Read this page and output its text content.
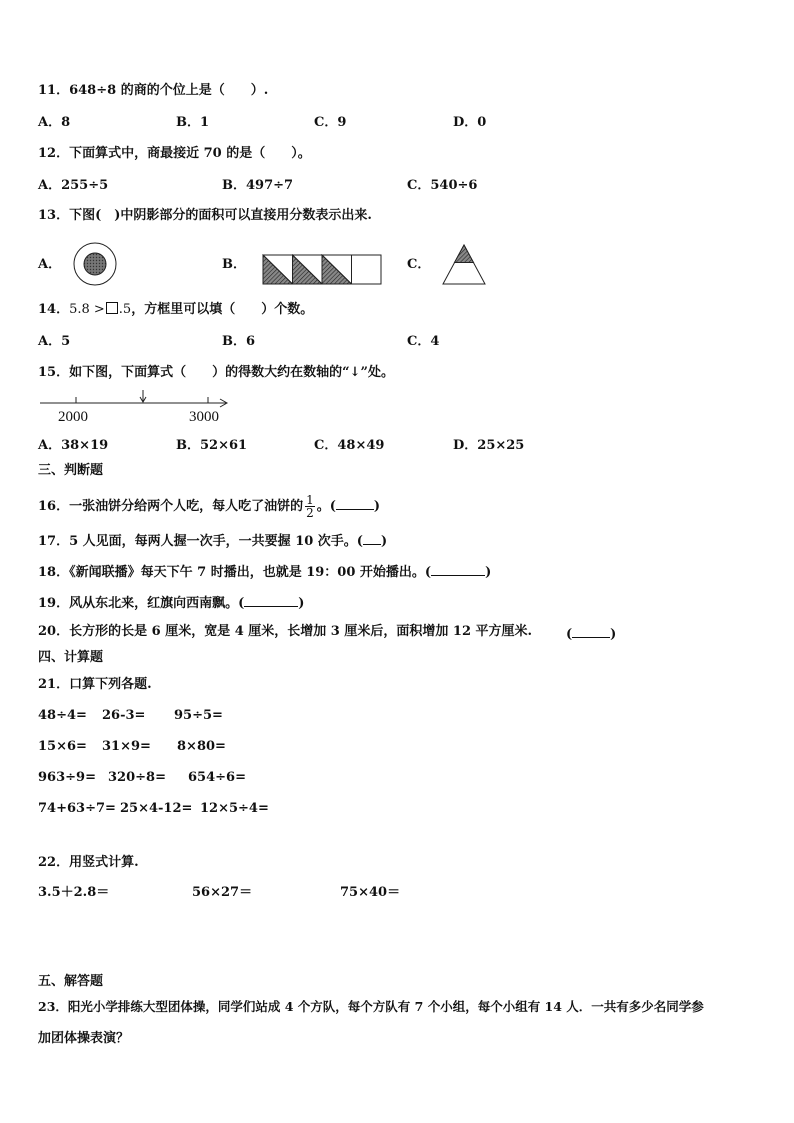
11．648÷8 的商的个位上是（　　）.
A．8	B．1	C．9	D．0
12．下面算式中，商最接近 70 的是（　　）。
A．255÷5	B．497÷7	C．540÷6
13．下图(　)中阴影部分的面积可以直接用分数表示出来.
A．	B．	C．
14．5.8 > .5，方框里可以填（　　）个数。
A．5	B．6	C．4
15．如下图，下面算式（　　）的得数大约在数轴的“↓”处。
2000	3000
A．38×19	B．52×61	C．48×49	D．25×25
三、判断题
16．一张油饼分给两个人吃，每人吃了油饼的 $\frac{1}{2}$ 。(	)
17．5 人见面，每两人握一次手，一共要握 10 次手。( )
18．《新闻联播》每天下午 7 时播出，也就是 19：00 开始播出。(	)
19．风从东北来，红旗向西南飘。(	)
20．长方形的长是 6 厘米，宽是 4 厘米，长增加 3 厘米后，面积增加 12 平方厘米.	(	)
四、计算题
21．口算下列各题.
48÷4= 26-3= 95÷5=
15×6= 31×9= 8×80=
963÷9= 320÷8= 654÷6=
74+63÷7= 25×4-12= 12×5÷4=
22．用竖式计算.
3.5＋2.8＝	56×27＝	75×40＝
五、解答题
23．阳光小学排练大型团体操，同学们站成 4 个方队，每个方队有 7 个小组，每个小组有 14 人．一共有多少名同学参
加团体操表演？
